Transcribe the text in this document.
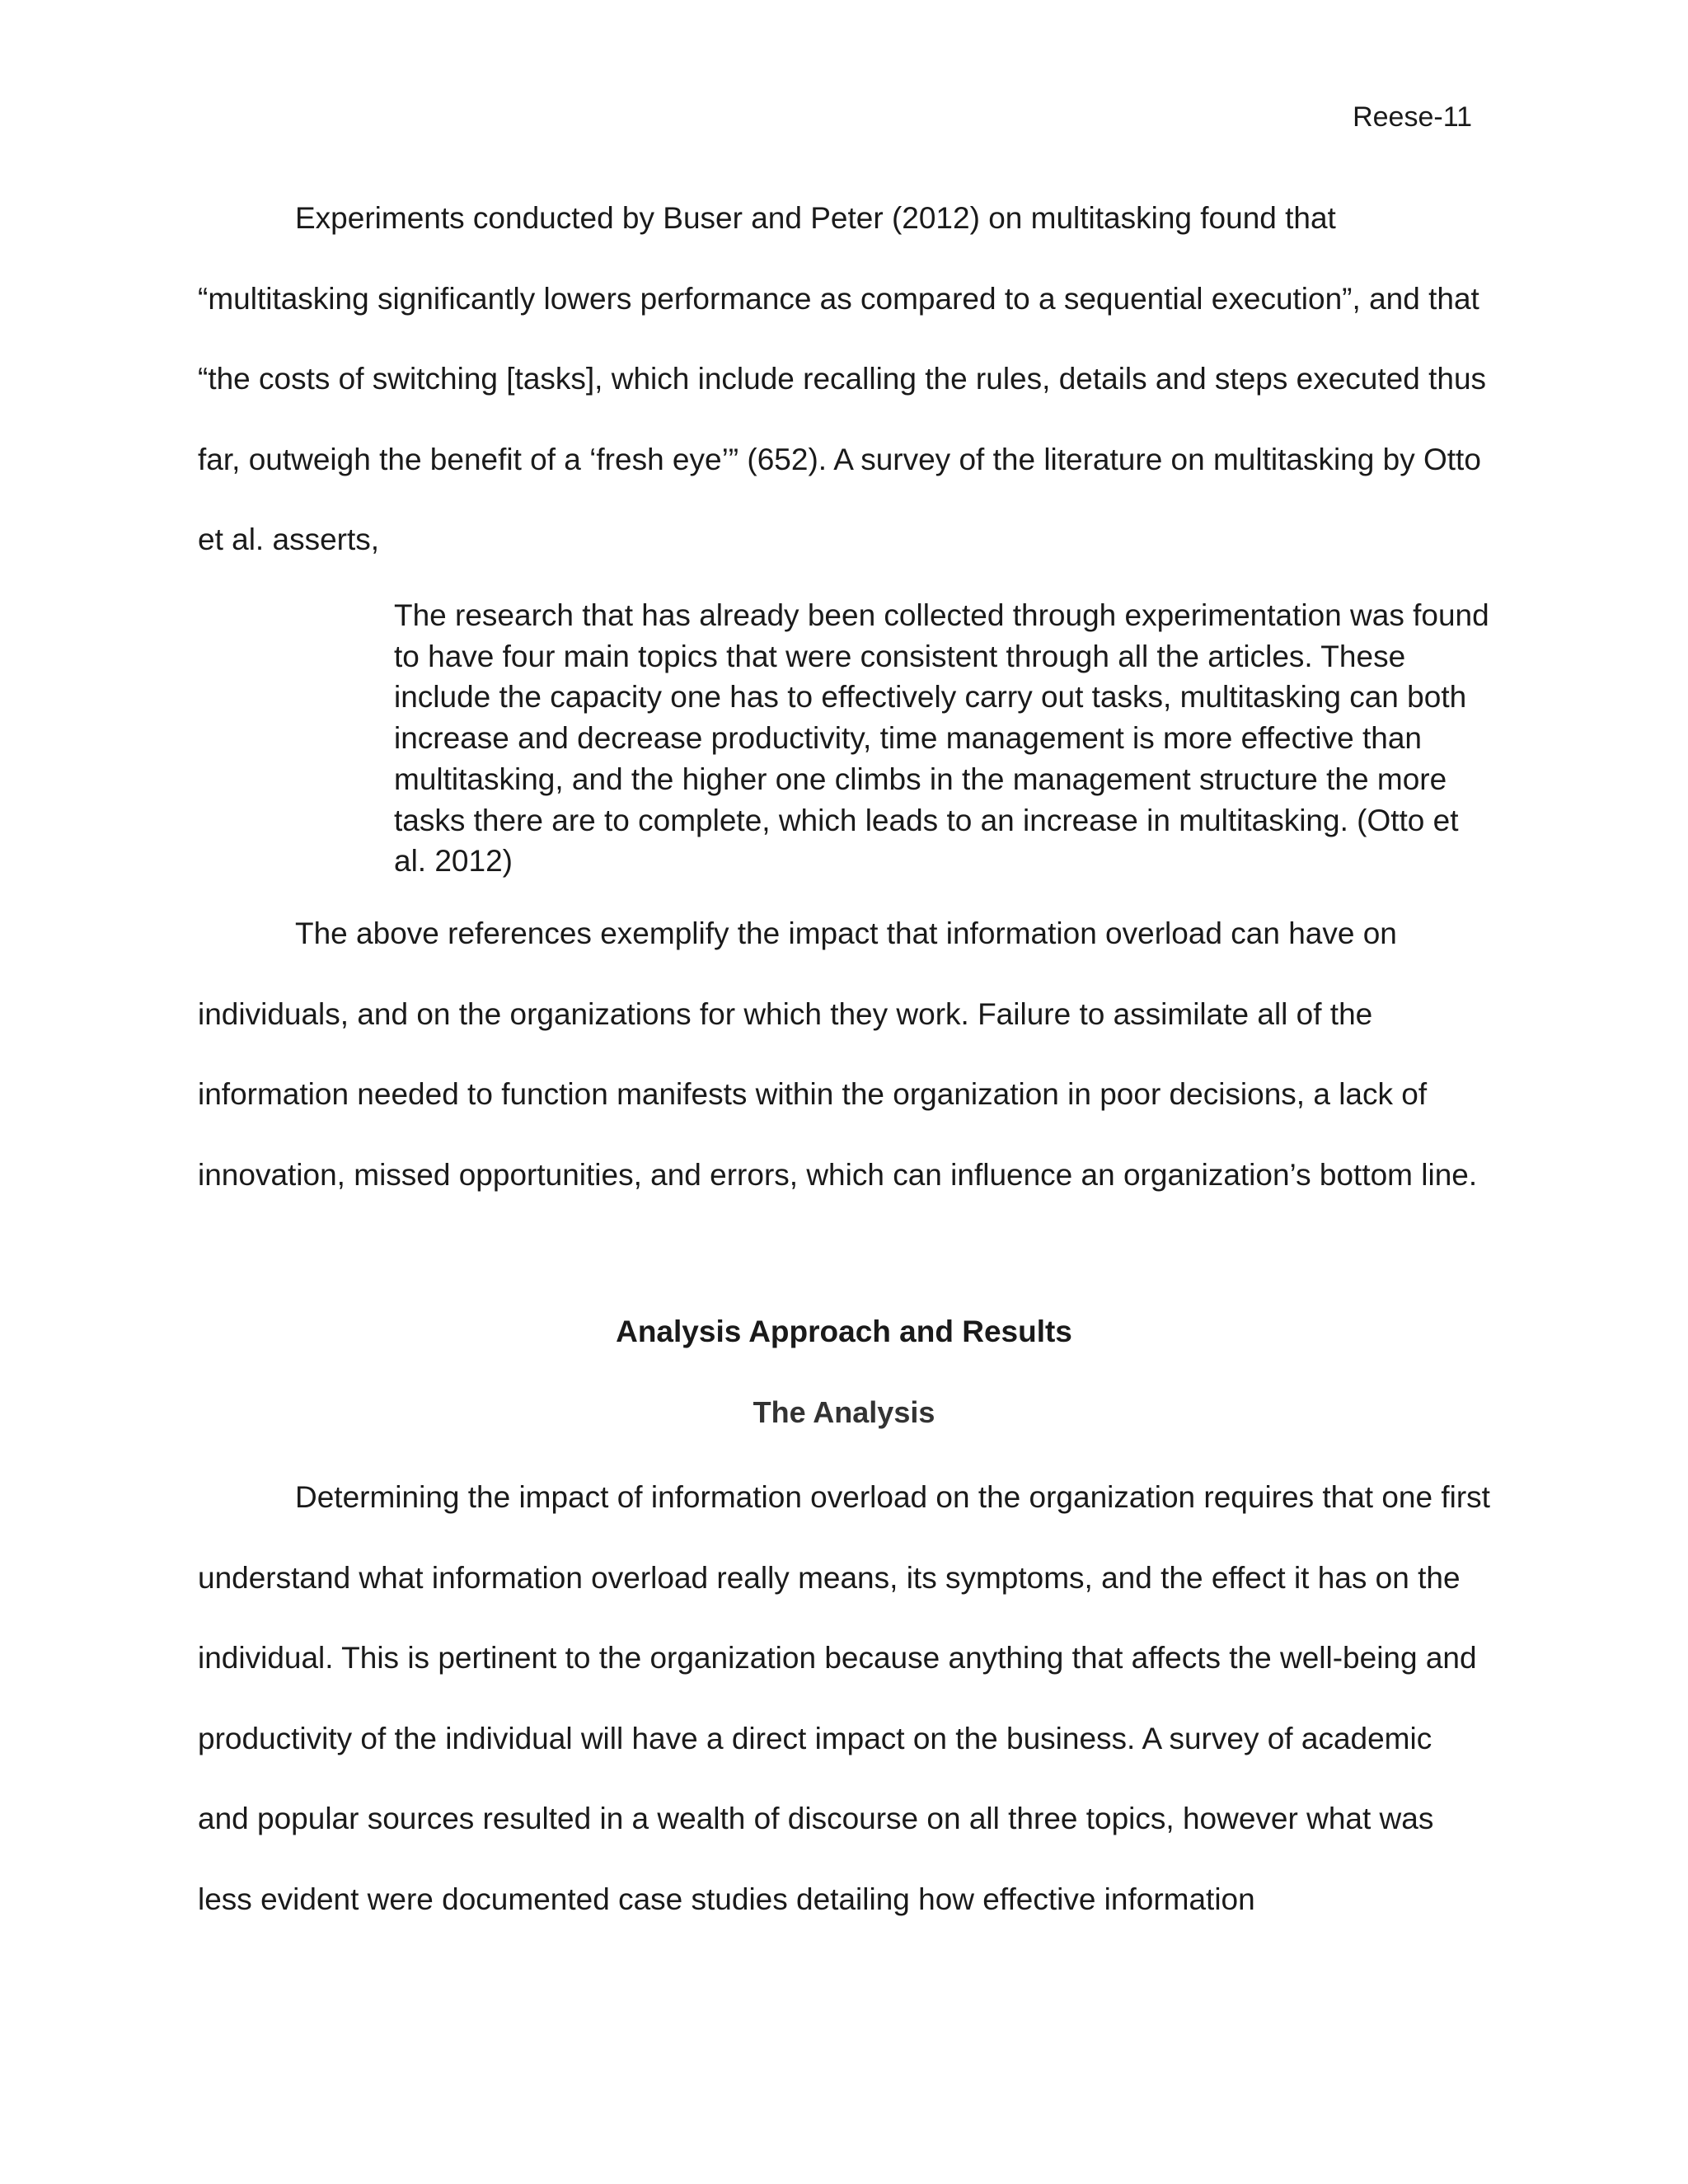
Reese-11

Experiments conducted by Buser and Peter (2012) on multitasking found that “multitasking significantly lowers performance as compared to a sequential execution”, and that “the costs of switching [tasks], which include recalling the rules, details and steps executed thus far, outweigh the benefit of a ‘fresh eye’” (652). A survey of the literature on multitasking by Otto et al. asserts,

The research that has already been collected through experimentation was found to have four main topics that were consistent through all the articles. These include the capacity one has to effectively carry out tasks, multitasking can both increase and decrease productivity, time management is more effective than multitasking, and the higher one climbs in the management structure the more tasks there are to complete, which leads to an increase in multitasking. (Otto et al. 2012)

The above references exemplify the impact that information overload can have on individuals, and on the organizations for which they work. Failure to assimilate all of the information needed to function manifests within the organization in poor decisions, a lack of innovation, missed opportunities, and errors, which can influence an organization’s bottom line.

Analysis Approach and Results
The Analysis

Determining the impact of information overload on the organization requires that one first understand what information overload really means, its symptoms, and the effect it has on the individual. This is pertinent to the organization because anything that affects the well-being and productivity of the individual will have a direct impact on the business. A survey of academic and popular sources resulted in a wealth of discourse on all three topics, however what was less evident were documented case studies detailing how effective information
